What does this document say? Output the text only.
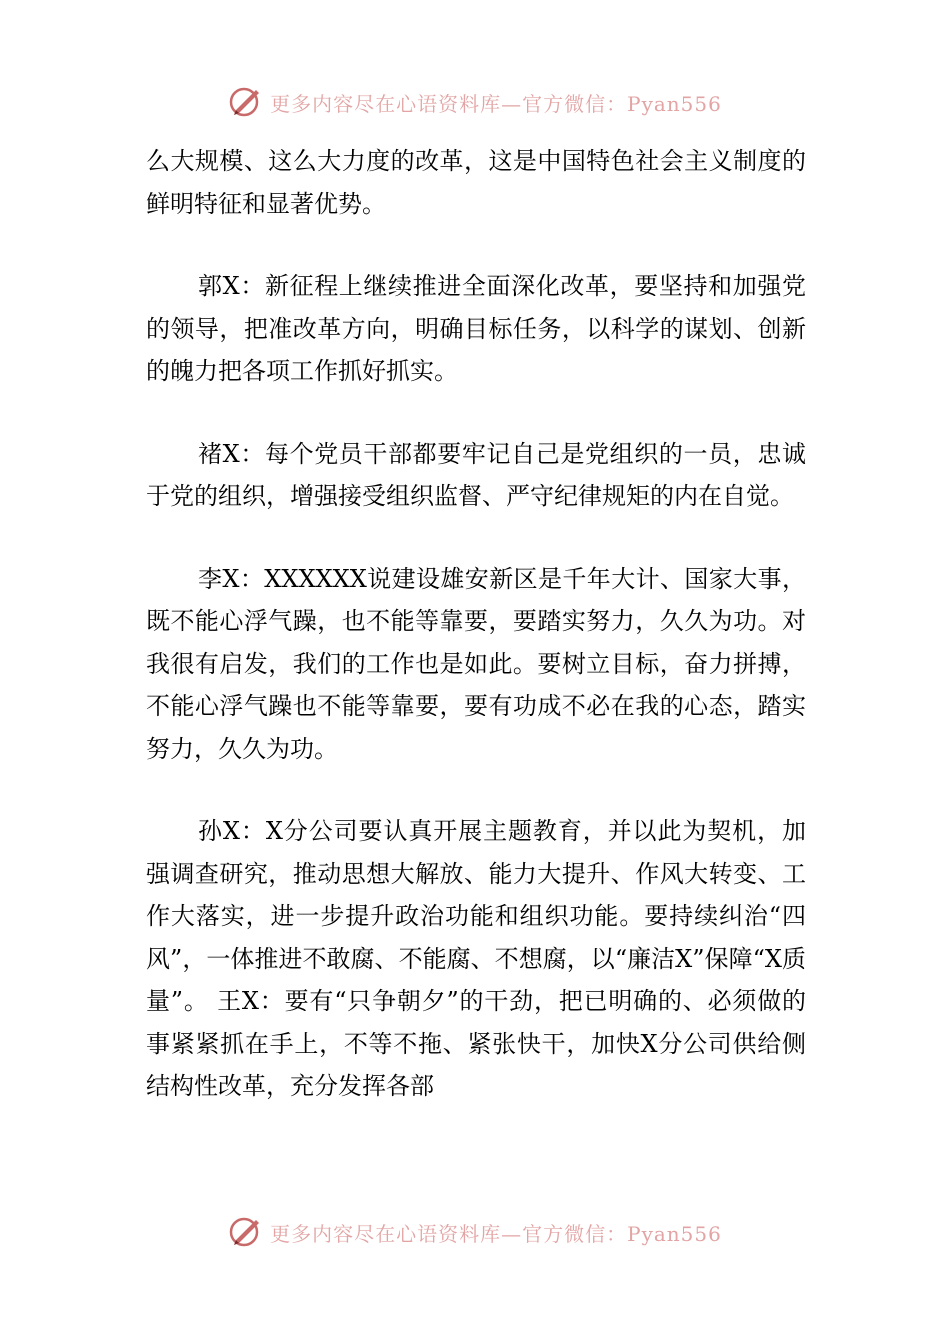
更多内容尽在心语资料库—官方微信：Pyan556

么大规模、这么大力度的改革，这是中国特色社会主义制度的鲜明特征和显著优势。

郭X：新征程上继续推进全面深化改革，要坚持和加强党的领导，把准改革方向，明确目标任务，以科学的谋划、创新的魄力把各项工作抓好抓实。

褚X：每个党员干部都要牢记自己是党组织的一员，忠诚于党的组织，增强接受组织监督、严守纪律规矩的内在自觉。

李X：XXXXXX说建设雄安新区是千年大计、国家大事，既不能心浮气躁，也不能等靠要，要踏实努力，久久为功。对我很有启发，我们的工作也是如此。要树立目标，奋力拼搏，不能心浮气躁也不能等靠要，要有功成不必在我的心态，踏实努力，久久为功。

孙X：X分公司要认真开展主题教育，并以此为契机，加强调查研究，推动思想大解放、能力大提升、作风大转变、工作大落实，进一步提升政治功能和组织功能。要持续纠治“四风”，一体推进不敢腐、不能腐、不想腐，以“廉洁X”保障“X质量”。 王X：要有“只争朝夕”的干劲，把已明确的、必须做的事紧紧抓在手上，不等不拖、紧张快干，加快X分公司供给侧结构性改革，充分发挥各部

更多内容尽在心语资料库—官方微信：Pyan556
